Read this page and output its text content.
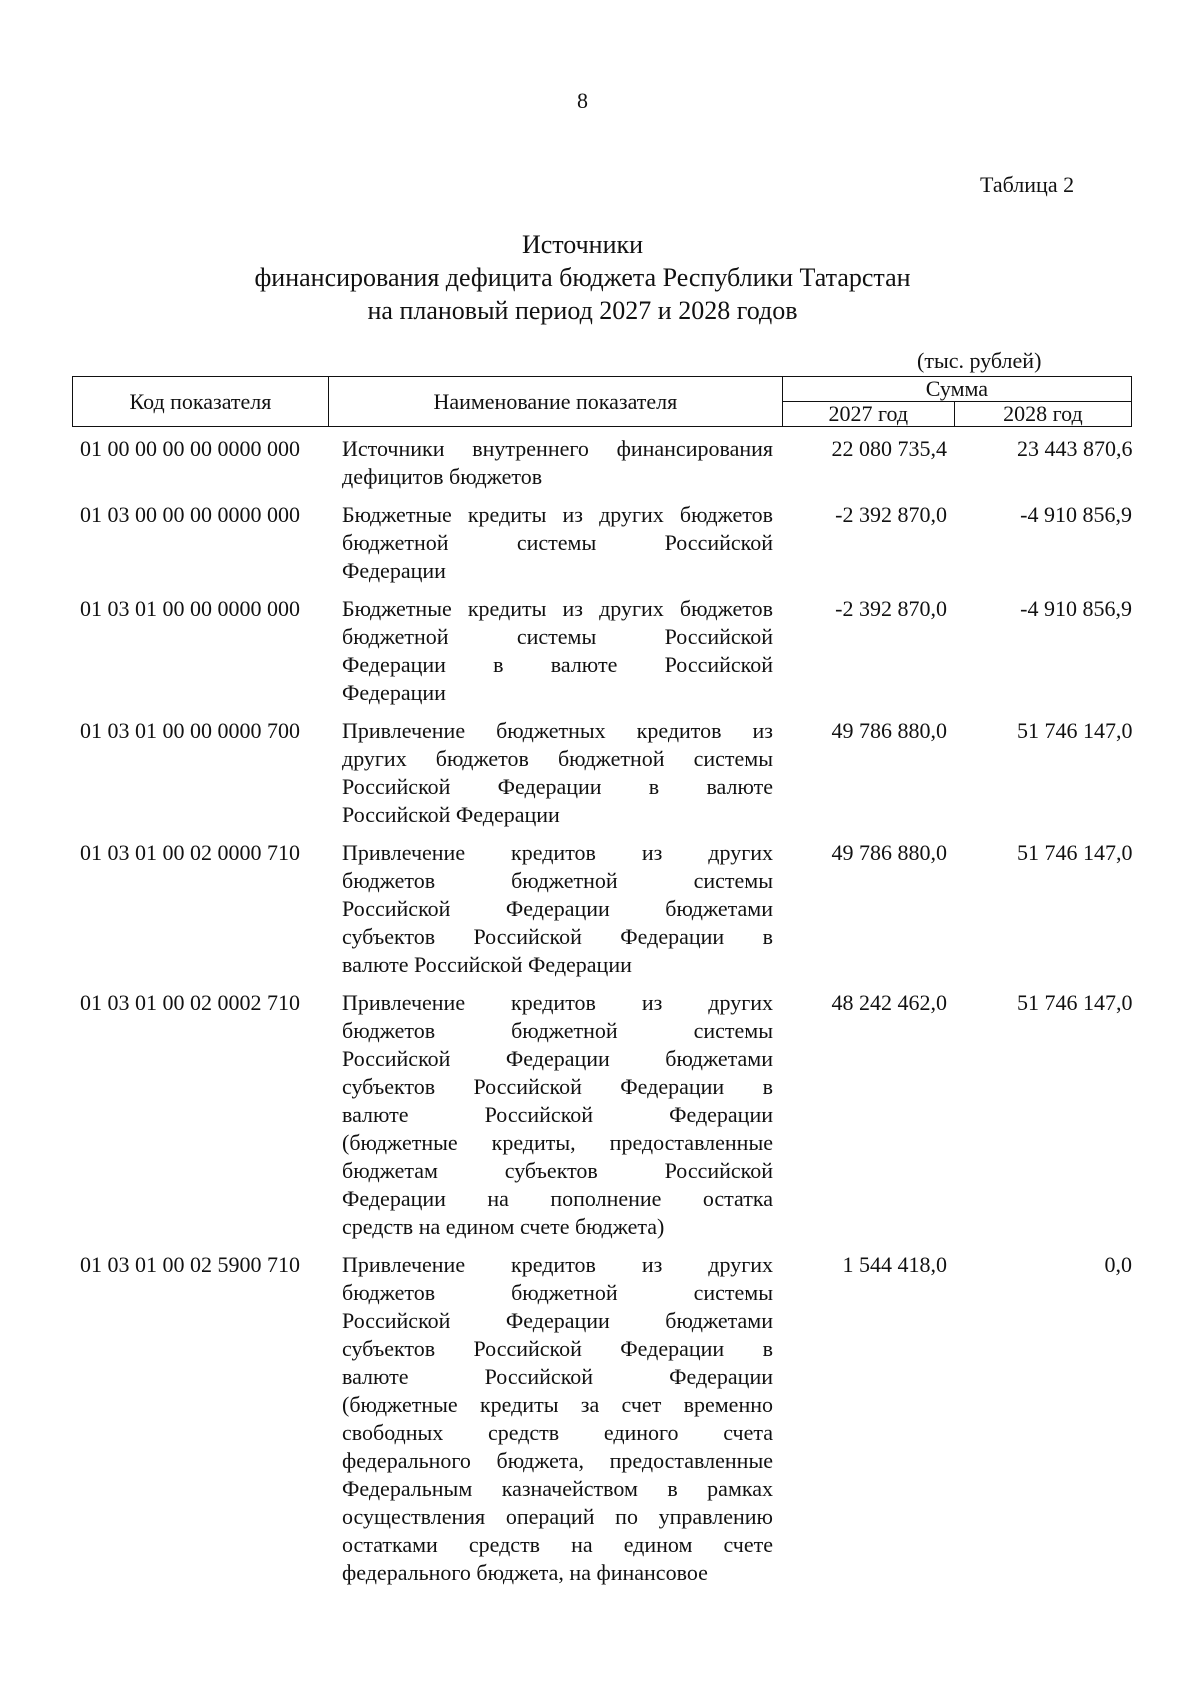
8
Таблица 2
Источники
финансирования дефицита бюджета Республики Татарстан
на плановый период 2027 и 2028 годов
(тыс. рублей)
Код показателя	Наименование показателя	Сумма	
		2027 год	2028 год
01 00 00 00 00 0000 000	Источники внутреннего финансирования

дефицитов бюджетов

22 080 735,4	23 443 870,6
01 03 00 00 00 0000 000	Бюджетные кредиты из других бюджетов

бюджетной системы Российской

Федерации

-2 392 870,0	-4 910 856,9
01 03 01 00 00 0000 000	Бюджетные кредиты из других бюджетов

бюджетной системы Российской

Федерации в валюте Российской

Федерации

-2 392 870,0	-4 910 856,9
01 03 01 00 00 0000 700	Привлечение бюджетных кредитов из

других бюджетов бюджетной системы

Российской Федерации в валюте

Российской Федерации

49 786 880,0	51 746 147,0
01 03 01 00 02 0000 710	Привлечение кредитов из других

бюджетов бюджетной системы

Российской Федерации бюджетами

субъектов Российской Федерации в

валюте Российской Федерации

49 786 880,0	51 746 147,0
01 03 01 00 02 0002 710	Привлечение кредитов из других

бюджетов бюджетной системы

Российской Федерации бюджетами

субъектов Российской Федерации в

валюте Российской Федерации

(бюджетные кредиты, предоставленные

бюджетам субъектов Российской

Федерации на пополнение остатка

средств на едином счете бюджета)

48 242 462,0	51 746 147,0
01 03 01 00 02 5900 710	Привлечение кредитов из других

бюджетов бюджетной системы

Российской Федерации бюджетами

субъектов Российской Федерации в

валюте Российской Федерации

(бюджетные кредиты за счет временно

свободных средств единого счета

федерального бюджета, предоставленные

Федеральным казначейством в рамках

осуществления операций по управлению

остатками средств на едином счете

федерального бюджета, на финансовое

1 544 418,0	0,0
